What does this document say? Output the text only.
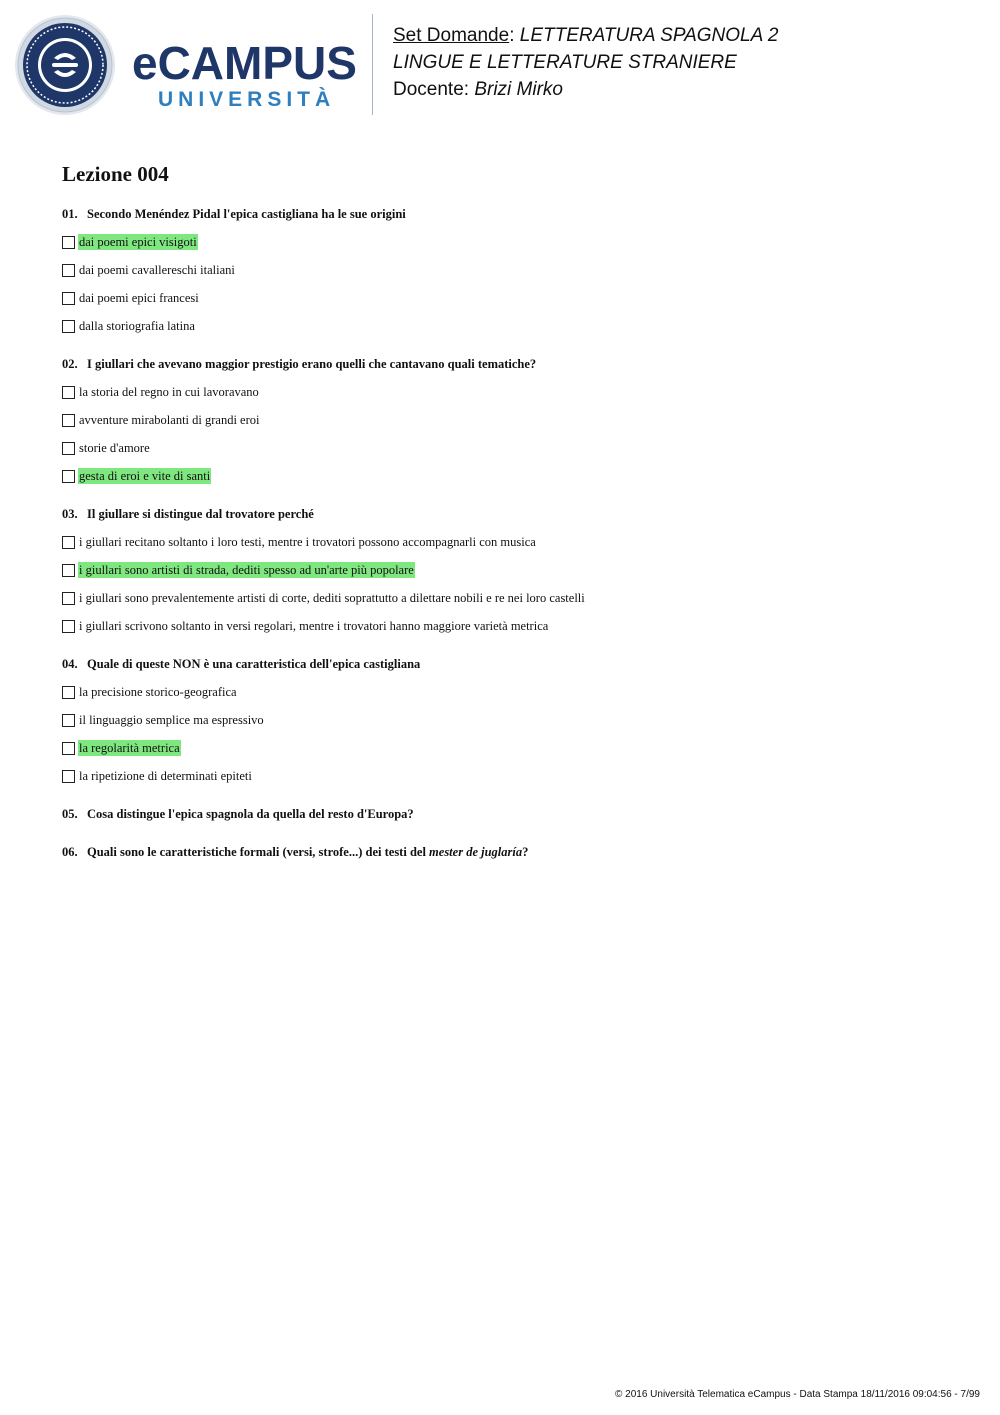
eCAMPUS
UNIVERSITÀ
Set Domande: LETTERATURA SPAGNOLA 2
LINGUE E LETTERATURE STRANIERE
Docente: Brizi Mirko
Lezione 004
01. Secondo Menéndez Pidal l'epica castigliana ha le sue origini
dai poemi epici visigoti
dai poemi cavallereschi italiani
dai poemi epici francesi
dalla storiografia latina
02. I giullari che avevano maggior prestigio erano quelli che cantavano quali tematiche?
la storia del regno in cui lavoravano
avventure mirabolanti di grandi eroi
storie d'amore
gesta di eroi e vite di santi
03. Il giullare si distingue dal trovatore perché
i giullari recitano soltanto i loro testi, mentre i trovatori possono accompagnarli con musica
i giullari sono artisti di strada, dediti spesso ad un'arte più popolare
i giullari sono prevalentemente artisti di corte, dediti soprattutto a dilettare nobili e re nei loro castelli
i giullari scrivono soltanto in versi regolari, mentre i trovatori hanno maggiore varietà metrica
04. Quale di queste NON è una caratteristica dell'epica castigliana
la precisione storico-geografica
il linguaggio semplice ma espressivo
la regolarità metrica
la ripetizione di determinati epiteti
05. Cosa distingue l'epica spagnola da quella del resto d'Europa?
06. Quali sono le caratteristiche formali (versi, strofe...) dei testi del mester de juglaría?
© 2016 Università Telematica eCampus - Data Stampa 18/11/2016 09:04:56 - 7/99
